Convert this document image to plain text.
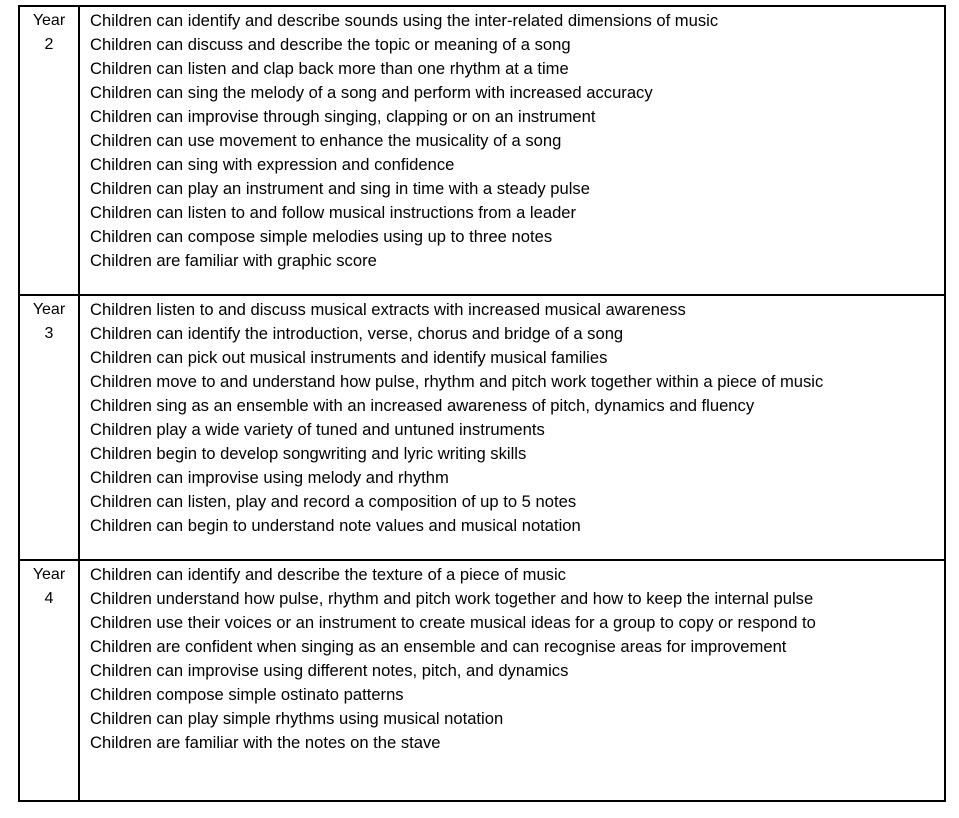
Year
2
Children can identify and describe sounds using the inter-related dimensions of music
Children can discuss and describe the topic or meaning of a song
Children can listen and clap back more than one rhythm at a time
Children can sing the melody of a song and perform with increased accuracy
Children can improvise through singing, clapping or on an instrument
Children can use movement to enhance the musicality of a song
Children can sing with expression and confidence
Children can play an instrument and sing in time with a steady pulse
Children can listen to and follow musical instructions from a leader
Children can compose simple melodies using up to three notes
Children are familiar with graphic score
Year
3
Children listen to and discuss musical extracts with increased musical awareness
Children can identify the introduction, verse, chorus and bridge of a song
Children can pick out musical instruments and identify musical families
Children move to and understand how pulse, rhythm and pitch work together within a piece of music
Children sing as an ensemble with an increased awareness of pitch, dynamics and fluency
Children play a wide variety of tuned and untuned instruments
Children begin to develop songwriting and lyric writing skills
Children can improvise using melody and rhythm
Children can listen, play and record a composition of up to 5 notes
Children can begin to understand note values and musical notation
Year
4
Children can identify and describe the texture of a piece of music
Children understand how pulse, rhythm and pitch work together and how to keep the internal pulse
Children use their voices or an instrument to create musical ideas for a group to copy or respond to
Children are confident when singing as an ensemble and can recognise areas for improvement
Children can improvise using different notes, pitch, and dynamics
Children compose simple ostinato patterns
Children can play simple rhythms using musical notation
Children are familiar with the notes on the stave
